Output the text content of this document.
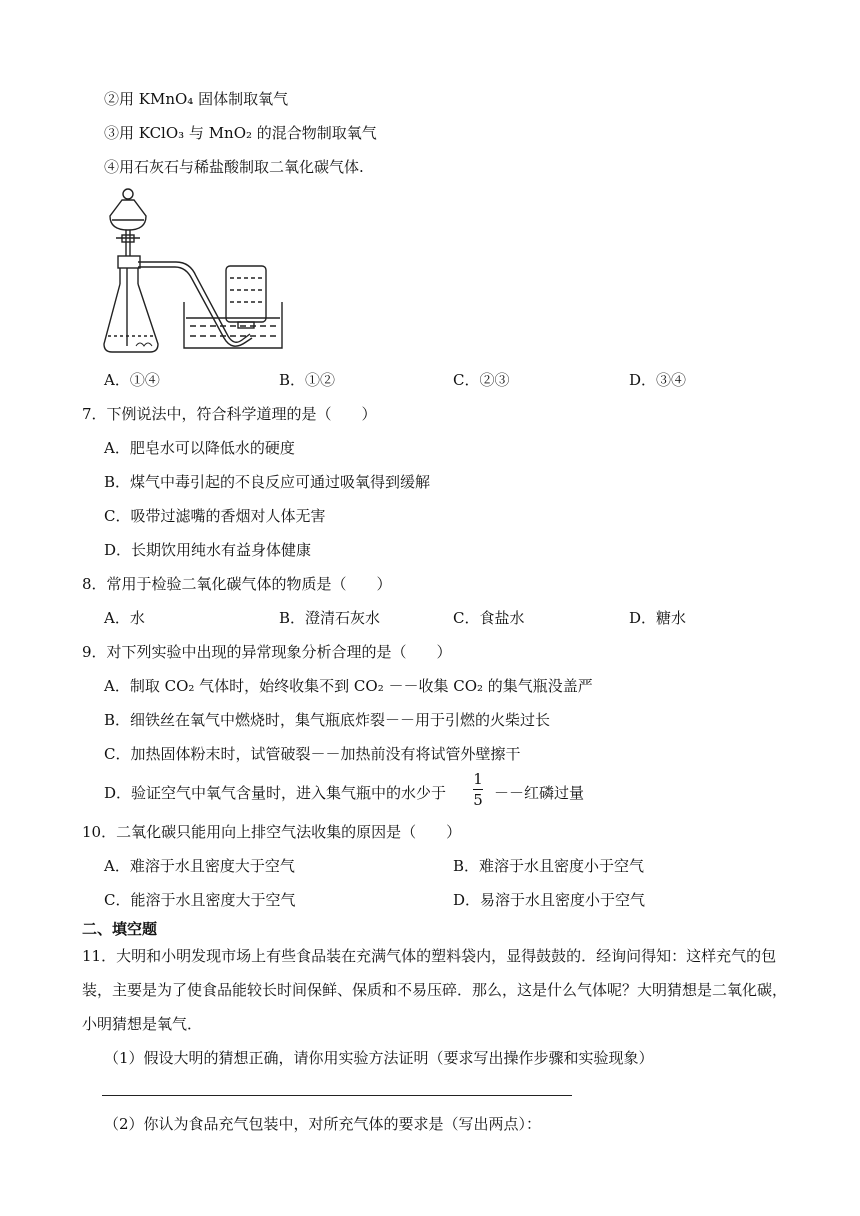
②用 KMnO₄ 固体制取氧气
③用 KClO₃ 与 MnO₂ 的混合物制取氧气
④用石灰石与稀盐酸制取二氧化碳气体.
A．①④	B．①②	C．②③	D．③④
7．下例说法中，符合科学道理的是（　　）
A．肥皂水可以降低水的硬度
B．煤气中毒引起的不良反应可通过吸氧得到缓解
C．吸带过滤嘴的香烟对人体无害
D．长期饮用纯水有益身体健康
8．常用于检验二氧化碳气体的物质是（　　）
A．水	B．澄清石灰水	C．食盐水	D．糖水
9．对下列实验中出现的异常现象分析合理的是（　　）
A．制取 CO₂ 气体时，始终收集不到 CO₂ －－收集 CO₂ 的集气瓶没盖严
B．细铁丝在氧气中燃烧时，集气瓶底炸裂－－用于引燃的火柴过长
C．加热固体粉末时，试管破裂－－加热前没有将试管外壁擦干
D．验证空气中氧气含量时，进入集气瓶中的水少于
1
5 －－红磷过量
10．二氧化碳只能用向上排空气法收集的原因是（　　）
A．难溶于水且密度大于空气	B．难溶于水且密度小于空气
C．能溶于水且密度大于空气	D．易溶于水且密度小于空气
二、填空题
11．大明和小明发现市场上有些食品装在充满气体的塑料袋内，显得鼓鼓的．经询问得知：这样充气的包
装，主要是为了使食品能较长时间保鲜、保质和不易压碎．那么，这是什么气体呢？大明猜想是二氧化碳，
小明猜想是氧气．
（1）假设大明的猜想正确，请你用实验方法证明（要求写出操作步骤和实验现象）
（2）你认为食品充气包装中，对所充气体的要求是（写出两点）：
